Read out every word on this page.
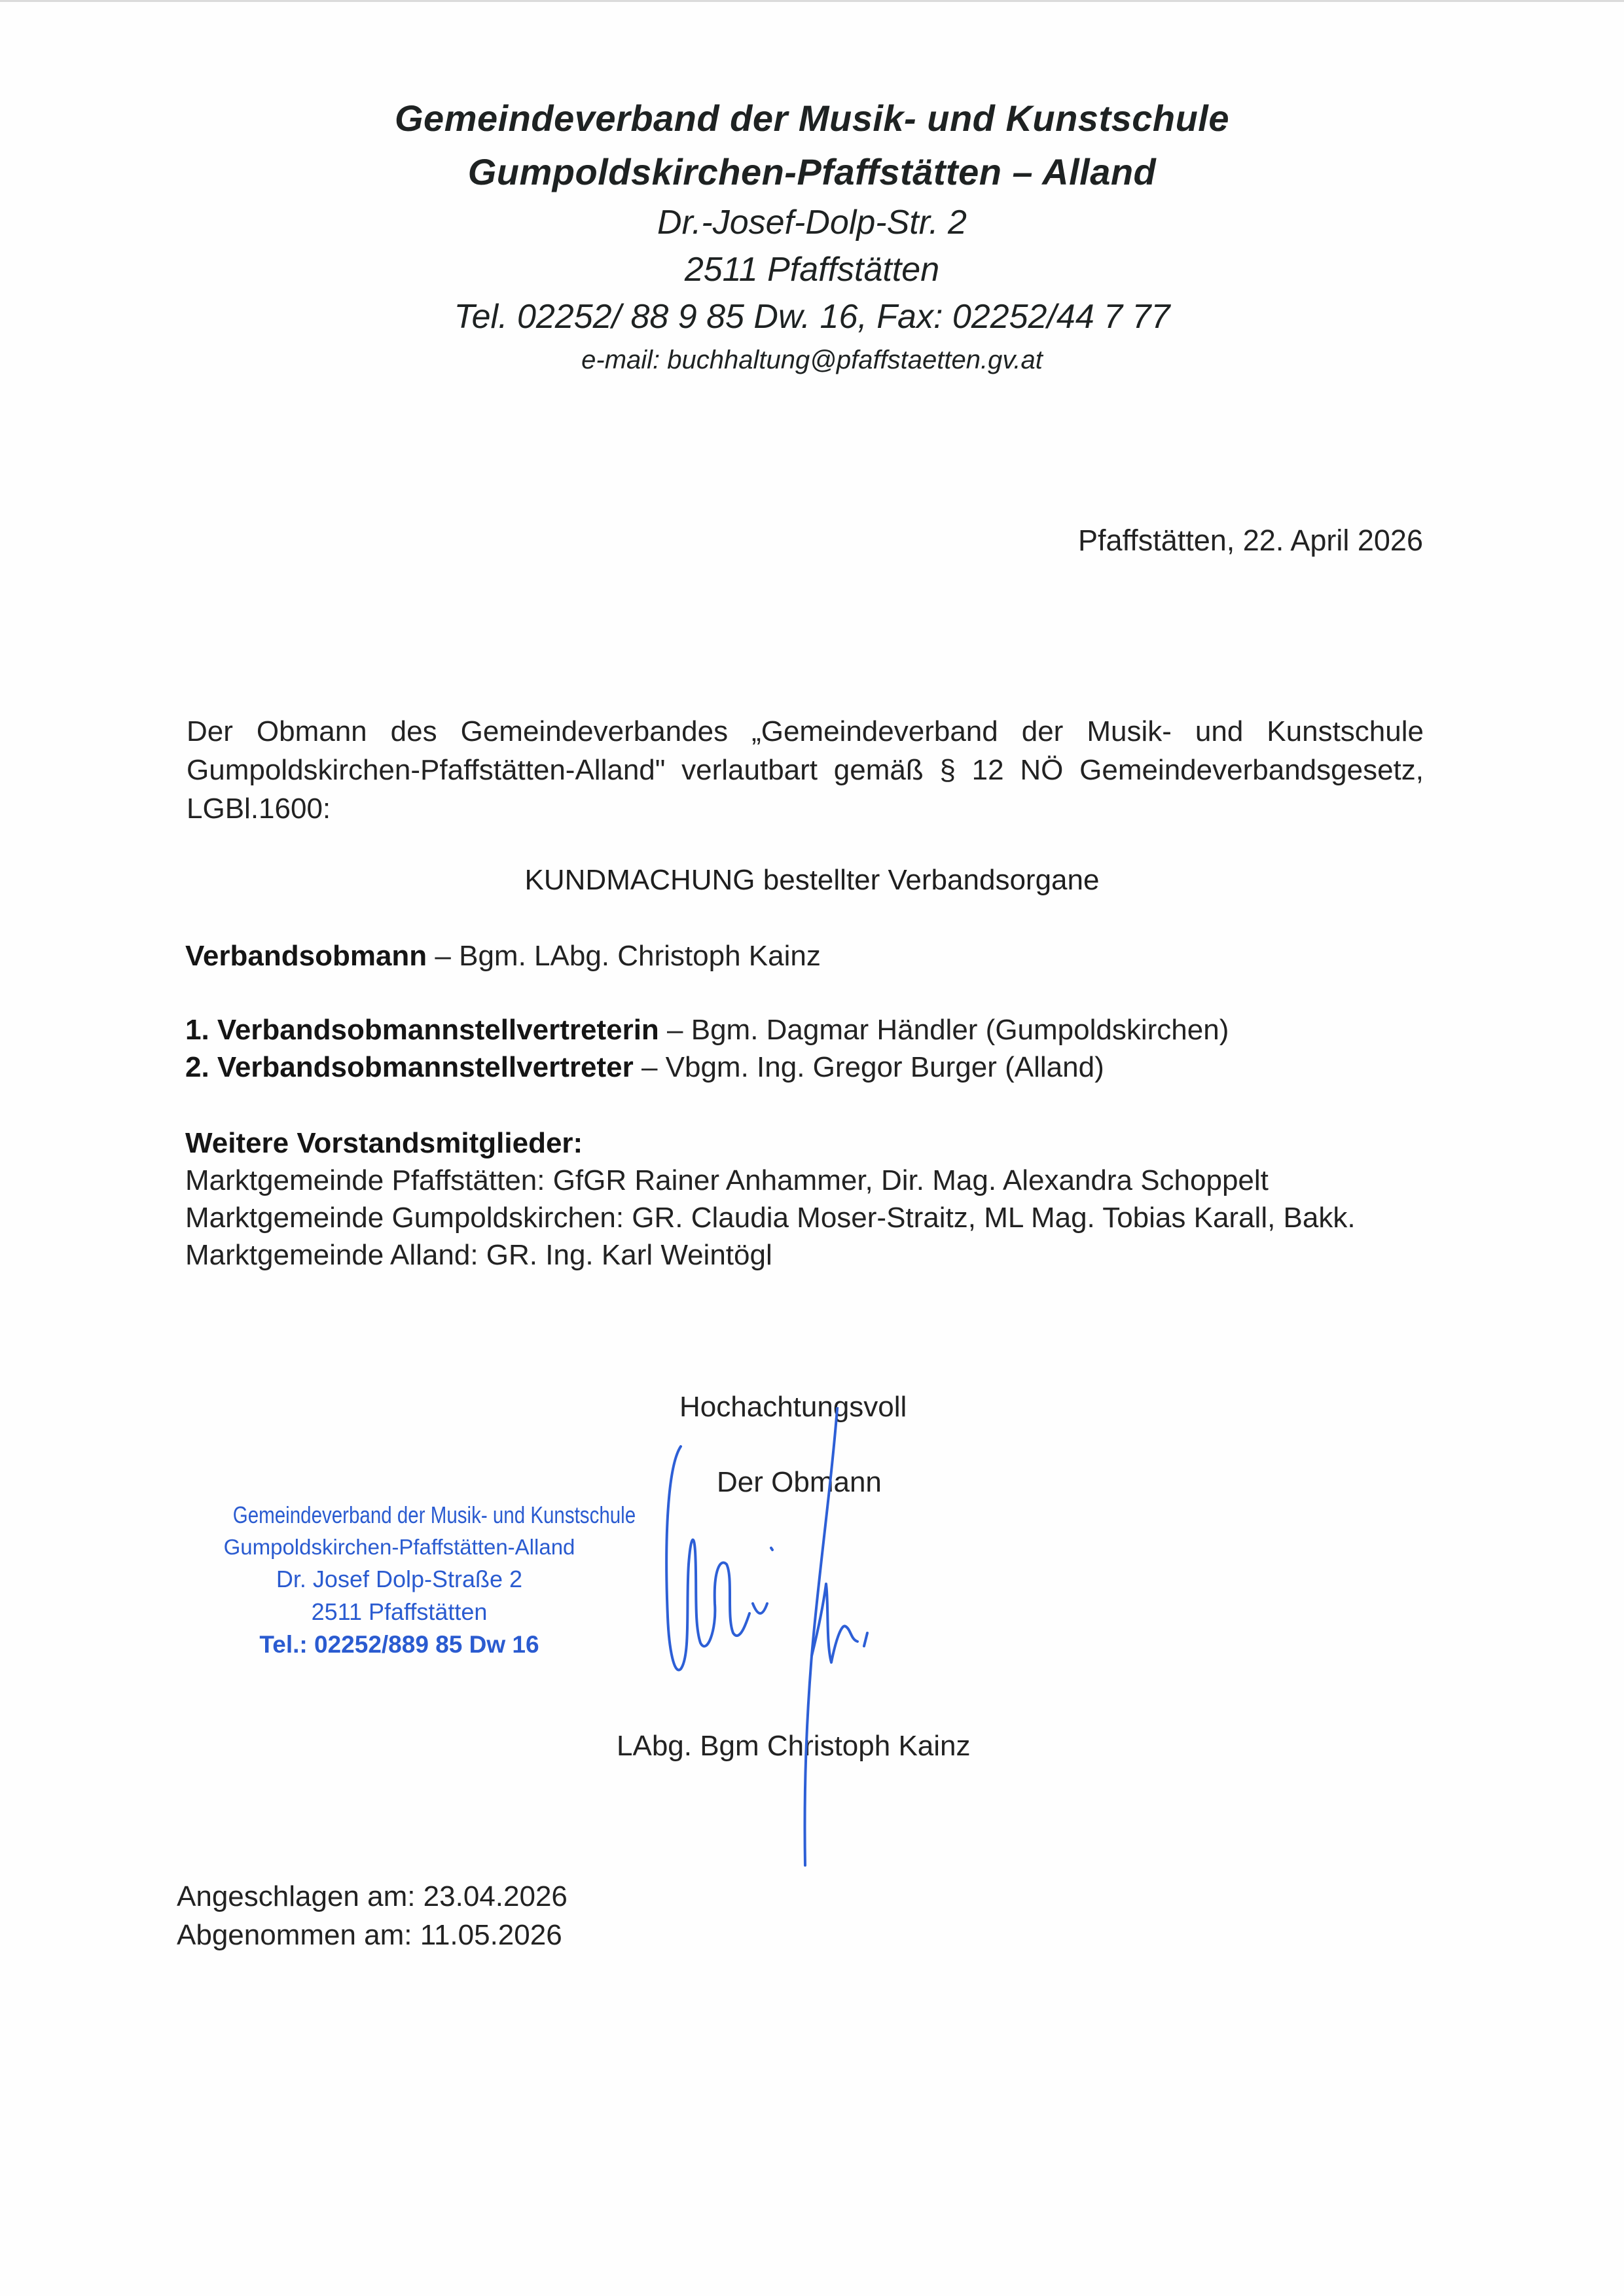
Gemeindeverband der Musik- und Kunstschule
Gumpoldskirchen-Pfaffstätten – Alland
Dr.-Josef-Dolp-Str. 2
2511 Pfaffstätten
Tel. 02252/ 88 9 85 Dw. 16, Fax: 02252/44 7 77
e-mail: buchhaltung@pfaffstaetten.gv.at
Pfaffstätten, 22. April 2026
Der Obmann des Gemeindeverbandes „Gemeindeverband der Musik- und Kunstschule Gumpoldskirchen-Pfaffstätten-Alland" verlautbart gemäß § 12 NÖ Gemeindeverbandsgesetz, LGBl.1600:
KUNDMACHUNG bestellter Verbandsorgane
Verbandsobmann – Bgm. LAbg. Christoph Kainz
1. Verbandsobmannstellvertreterin – Bgm. Dagmar Händler (Gumpoldskirchen)
2. Verbandsobmannstellvertreter – Vbgm. Ing. Gregor Burger (Alland)
Weitere Vorstandsmitglieder:
Marktgemeinde Pfaffstätten: GfGR Rainer Anhammer, Dir. Mag. Alexandra Schoppelt
Marktgemeinde Gumpoldskirchen: GR. Claudia Moser-Straitz, ML Mag. Tobias Karall, Bakk.
Marktgemeinde Alland: GR. Ing. Karl Weintögl
Hochachtungsvoll
Der Obmann
LAbg. Bgm Christoph Kainz
Gemeindeverband der Musik- und Kunstschule
Gumpoldskirchen-Pfaffstätten-Alland
Dr. Josef Dolp-Straße 2
2511 Pfaffstätten
Tel.: 02252/889 85 Dw 16
Angeschlagen am: 23.04.2026
Abgenommen am: 11.05.2026
